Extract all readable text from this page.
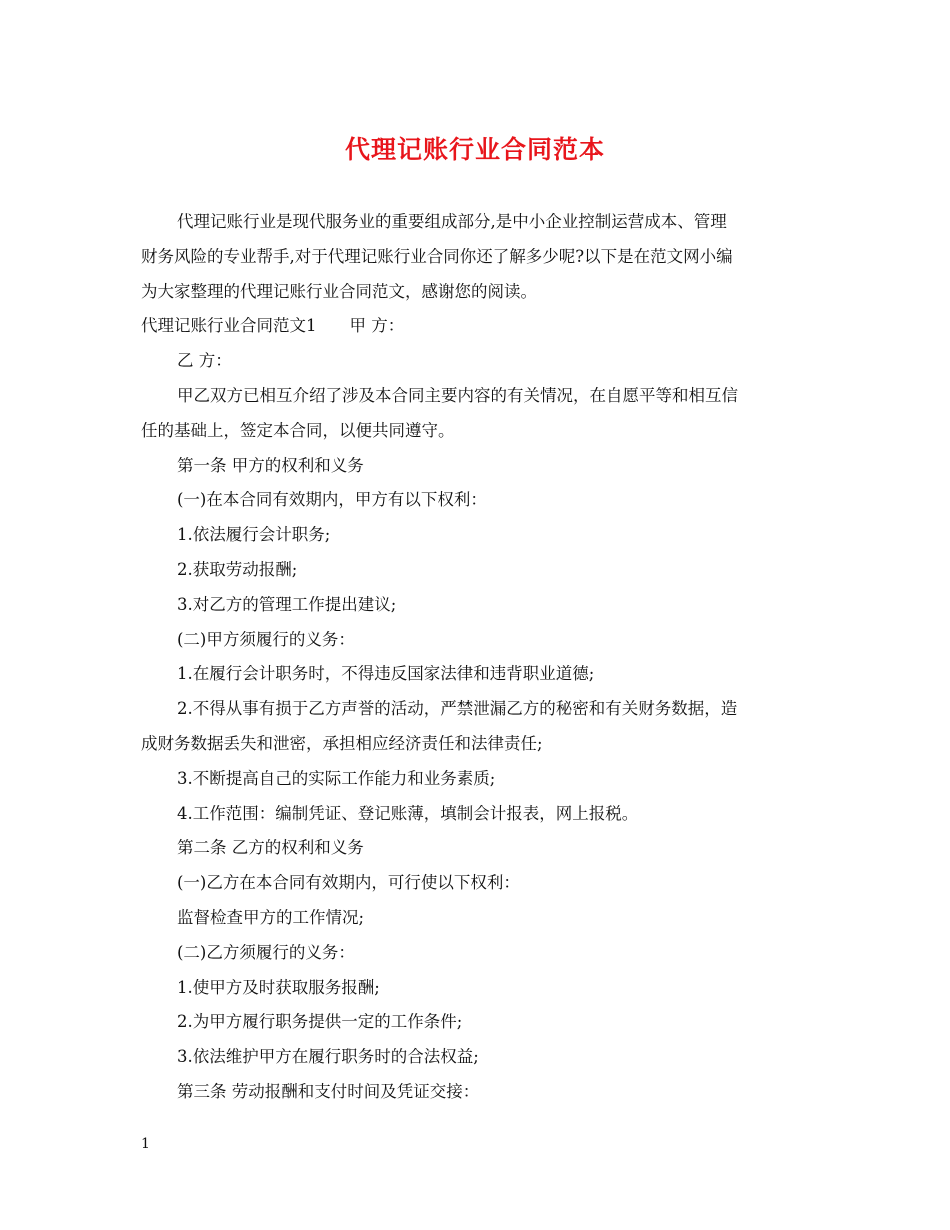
代理记账行业合同范本

代理记账行业是现代服务业的重要组成部分,是中小企业控制运营成本、管理

财务风险的专业帮手,对于代理记账行业合同你还了解多少呢?以下是在范文网小编

为大家整理的代理记账行业合同范文，感谢您的阅读。

代理记账行业合同范文1　　甲 方：

乙 方：

甲乙双方已相互介绍了涉及本合同主要内容的有关情况，在自愿平等和相互信

任的基础上，签定本合同，以便共同遵守。

第一条 甲方的权利和义务

(一)在本合同有效期内，甲方有以下权利：

1.依法履行会计职务;

2.获取劳动报酬;

3.对乙方的管理工作提出建议;

(二)甲方须履行的义务：

1.在履行会计职务时，不得违反国家法律和违背职业道德;

2.不得从事有损于乙方声誉的活动，严禁泄漏乙方的秘密和有关财务数据，造

成财务数据丢失和泄密，承担相应经济责任和法律责任;

3.不断提高自己的实际工作能力和业务素质;

4.工作范围：编制凭证、登记账薄，填制会计报表，网上报税。

第二条 乙方的权利和义务

(一)乙方在本合同有效期内，可行使以下权利：

监督检查甲方的工作情况;

(二)乙方须履行的义务：

1.使甲方及时获取服务报酬;

2.为甲方履行职务提供一定的工作条件;

3.依法维护甲方在履行职务时的合法权益;

第三条 劳动报酬和支付时间及凭证交接：

1
